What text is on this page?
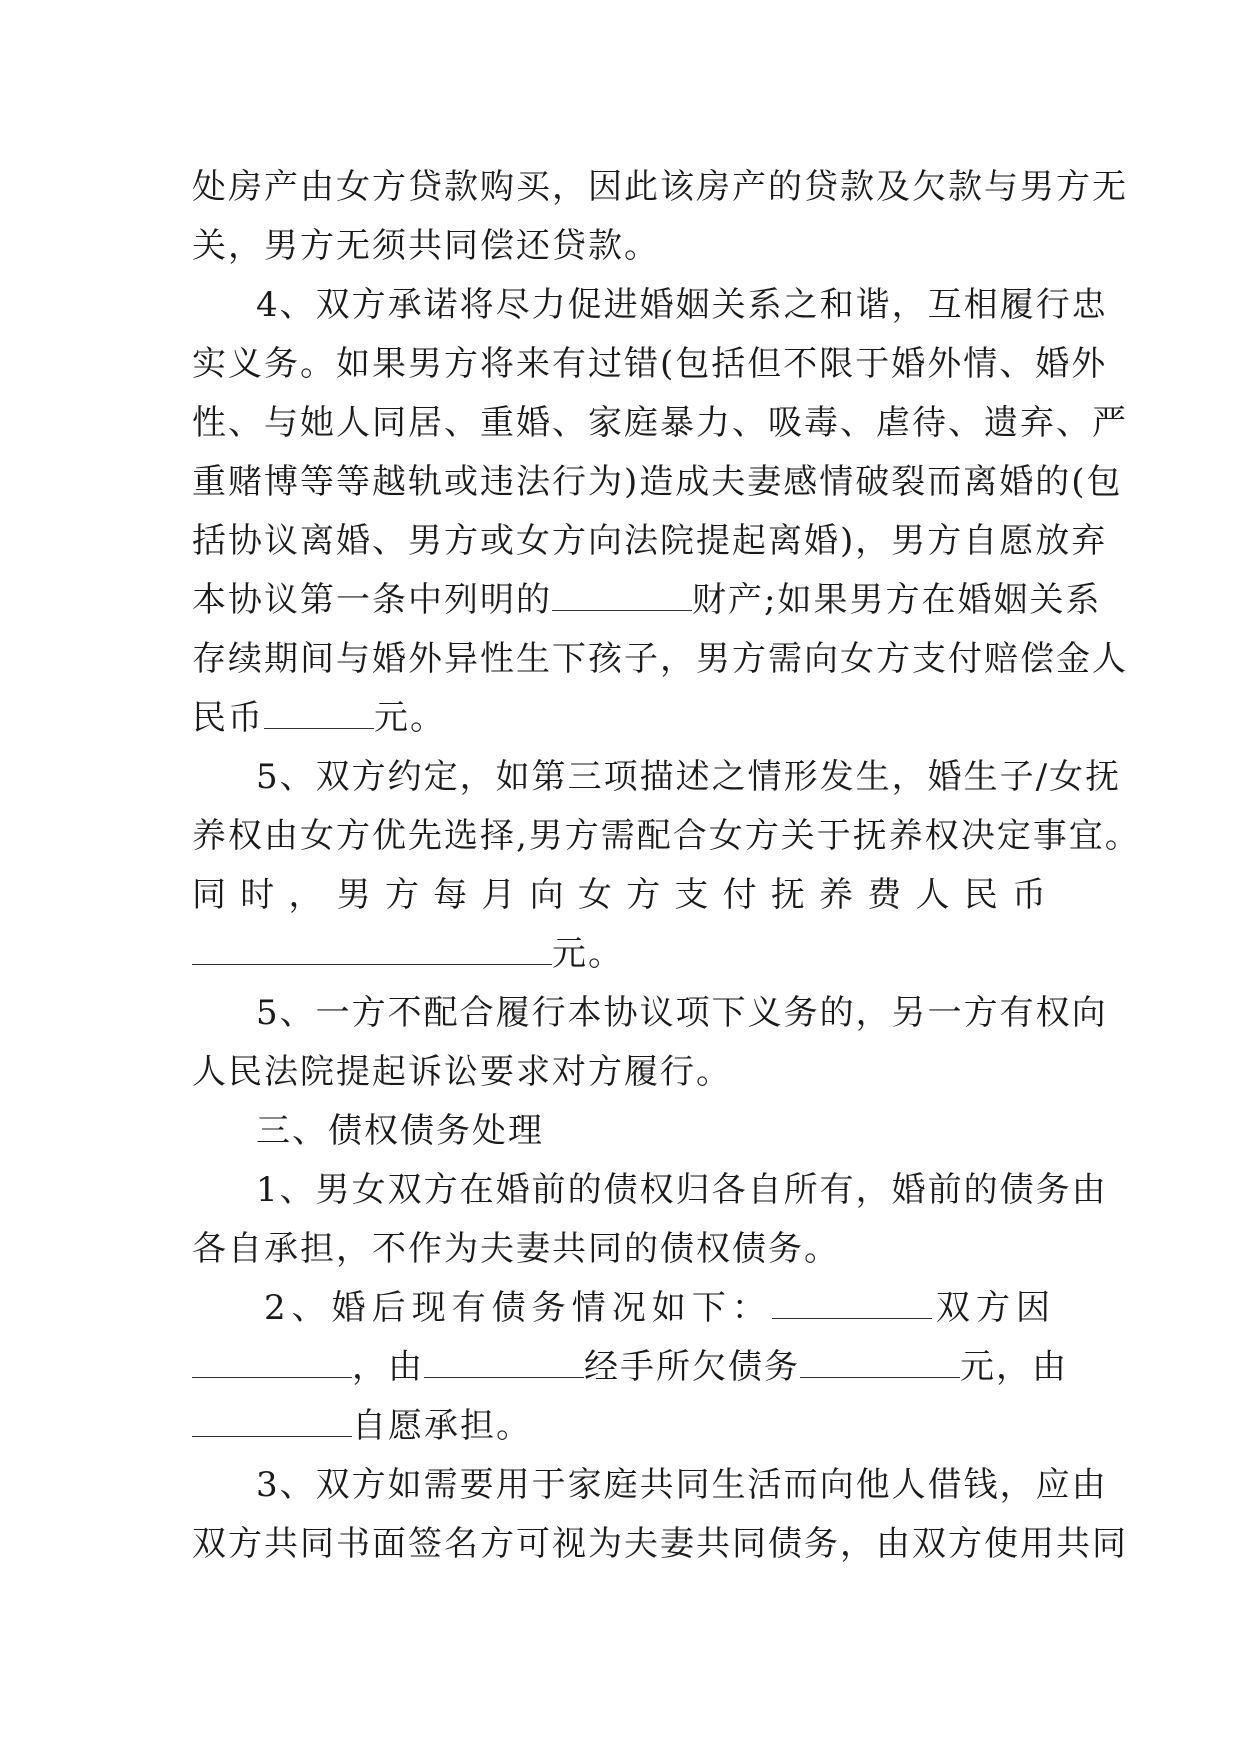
处房产由女方贷款购买，因此该房产的贷款及欠款与男方无
关，男方无须共同偿还贷款。
4、双方承诺将尽力促进婚姻关系之和谐，互相履行忠
实义务。如果男方将来有过错(包括但不限于婚外情、婚外
性、与她人同居、重婚、家庭暴力、吸毒、虐待、遗弃、严
重赌博等等越轨或违法行为)造成夫妻感情破裂而离婚的(包
括协议离婚、男方或女方向法院提起离婚)，男方自愿放弃
本协议第一条中列明的	财产;如果男方在婚姻关系
存续期间与婚外异性生下孩子，男方需向女方支付赔偿金人
民币	元。
5、双方约定，如第三项描述之情形发生，婚生子/女抚
养权由女方优先选择,男方需配合女方关于抚养权决定事宜。
同时，男方每月向女方支付抚养费人民币
元。
5、一方不配合履行本协议项下义务的，另一方有权向
人民法院提起诉讼要求对方履行。
三、债权债务处理
1、男女双方在婚前的债权归各自所有，婚前的债务由
各自承担，不作为夫妻共同的债权债务。
2、婚后现有债务情况如下：	双方因
，由	经手所欠债务	元，由
自愿承担。
3、双方如需要用于家庭共同生活而向他人借钱，应由
双方共同书面签名方可视为夫妻共同债务，由双方使用共同
